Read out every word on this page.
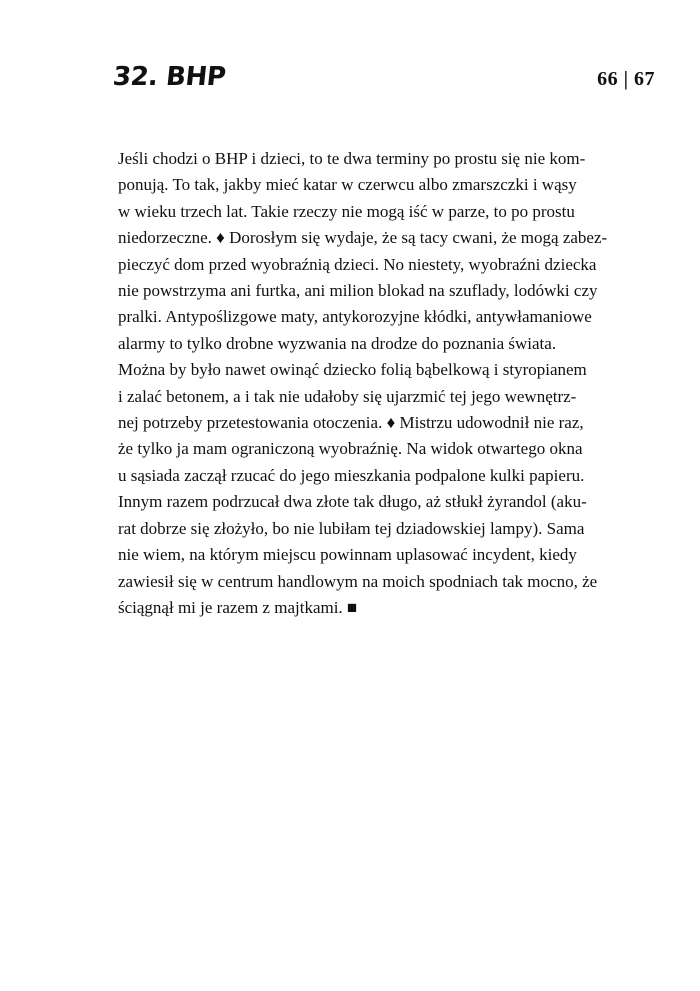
32. BHP	66 | 67

Jeśli chodzi o BHP i dzieci, to te dwa terminy po prostu się nie kom-
ponują. To tak, jakby mieć katar w czerwcu albo zmarszczki i wąsy
w wieku trzech lat. Takie rzeczy nie mogą iść w parze, to po prostu
niedorzeczne. ♦ Dorosłym się wydaje, że są tacy cwani, że mogą zabez-
pieczyć dom przed wyobraźnią dzieci. No niestety, wyobraźni dziecka
nie powstrzyma ani furtka, ani milion blokad na szuflady, lodówki czy
pralki. Antypoślizgowe maty, antykorozyjne kłódki, antywłamaniowe
alarmy to tylko drobne wyzwania na drodze do poznania świata.
Można by było nawet owinąć dziecko folią bąbelkową i styropianem
i zalać betonem, a i tak nie udałoby się ujarzmić tej jego wewnętrz-
nej potrzeby przetestowania otoczenia. ♦ Mistrzu udowodnił nie raz,
że tylko ja mam ograniczoną wyobraźnię. Na widok otwartego okna
u sąsiada zaczął rzucać do jego mieszkania podpalone kulki papieru.
Innym razem podrzucał dwa złote tak długo, aż stłukł żyrandol (aku-
rat dobrze się złożyło, bo nie lubiłam tej dziadowskiej lampy). Sama
nie wiem, na którym miejscu powinnam uplasować incydent, kiedy
zawiesił się w centrum handlowym na moich spodniach tak mocno, że
ściągnął mi je razem z majtkami. ■
